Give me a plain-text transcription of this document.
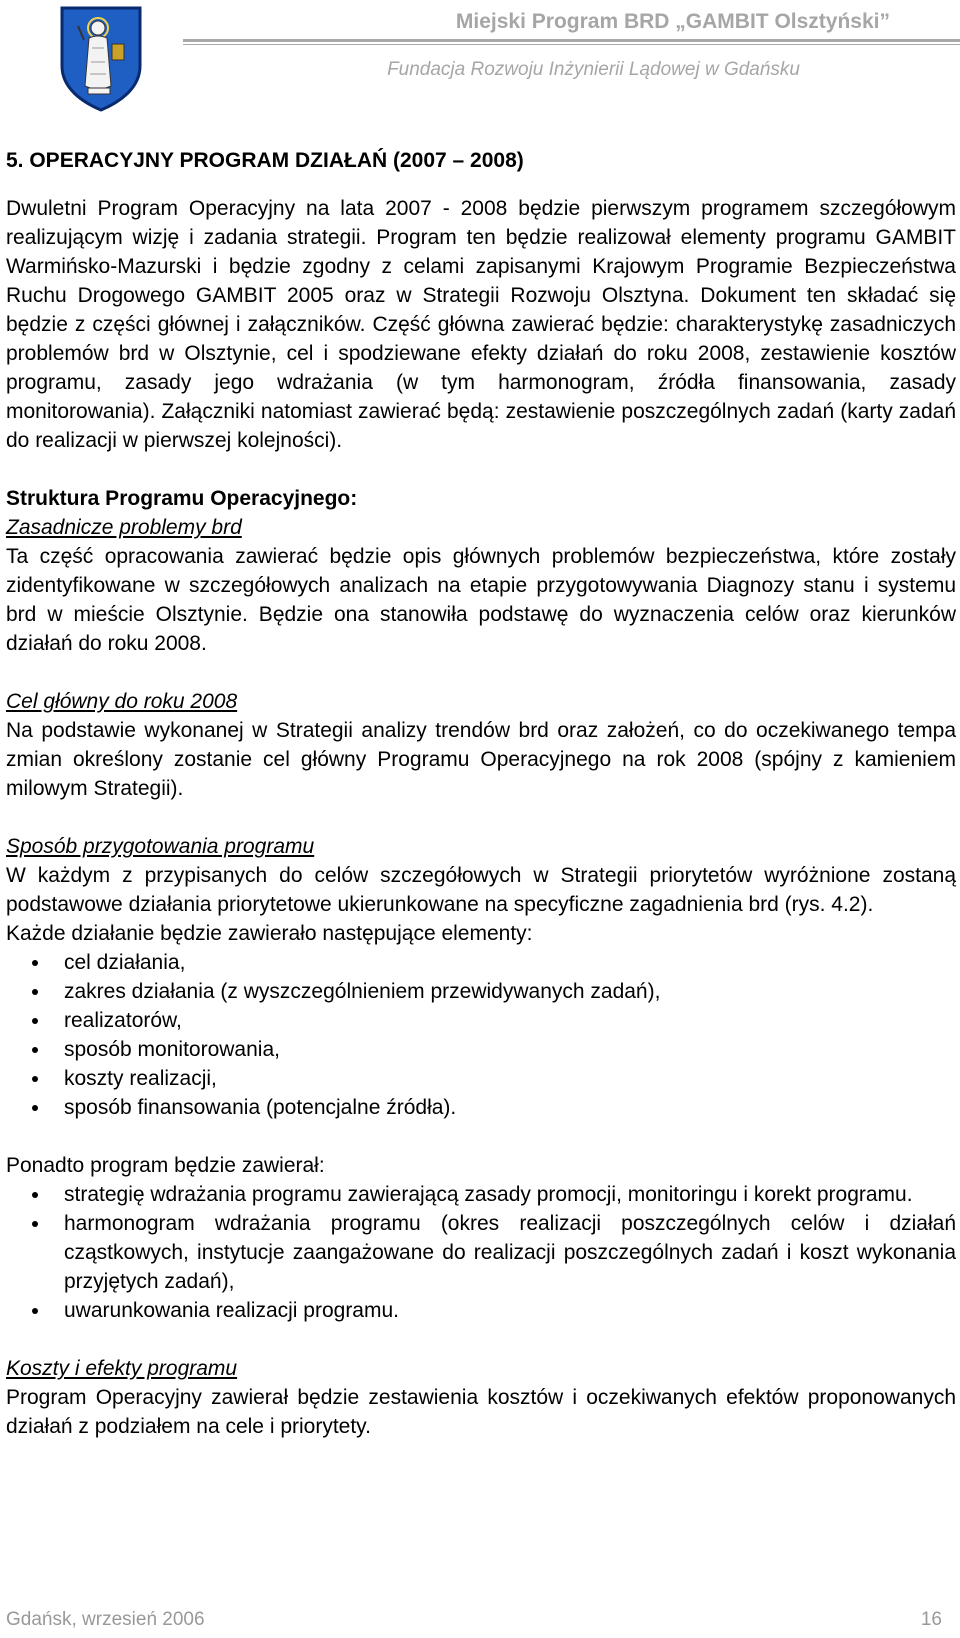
Miejski Program BRD „GAMBIT Olsztyński”
Fundacja Rozwoju Inżynierii Lądowej w Gdańsku
5. OPERACYJNY PROGRAM DZIAŁAŃ (2007 – 2008)

Dwuletni Program Operacyjny na lata 2007 - 2008 będzie pierwszym programem szczegółowym realizującym wizję i zadania strategii. Program ten będzie realizował elementy programu GAMBIT Warmińsko-Mazurski i będzie zgodny z celami zapisanymi Krajowym Programie Bezpieczeństwa Ruchu Drogowego GAMBIT 2005 oraz w Strategii Rozwoju Olsztyna. Dokument ten składać się będzie z części głównej i załączników. Część główna zawierać będzie: charakterystykę zasadniczych problemów brd w Olsztynie, cel i spodziewane efekty działań do roku 2008, zestawienie kosztów programu, zasady jego wdrażania (w tym harmonogram, źródła finansowania, zasady monitorowania). Załączniki natomiast zawierać będą: zestawienie poszczególnych zadań (karty zadań do realizacji w pierwszej kolejności).

Struktura Programu Operacyjnego:

Zasadnicze problemy brd

Ta część opracowania zawierać będzie opis głównych problemów bezpieczeństwa, które zostały zidentyfikowane w szczegółowych analizach na etapie przygotowywania Diagnozy stanu i systemu brd w mieście Olsztynie. Będzie ona stanowiła podstawę do wyznaczenia celów oraz kierunków działań do roku 2008.

Cel główny do roku 2008

Na podstawie wykonanej w Strategii analizy trendów brd oraz założeń, co do oczekiwanego tempa zmian określony zostanie cel główny Programu Operacyjnego na rok 2008 (spójny z kamieniem milowym Strategii).

Sposób przygotowania programu

W każdym z przypisanych do celów szczegółowych w Strategii priorytetów wyróżnione zostaną podstawowe działania priorytetowe ukierunkowane na specyficzne zagadnienia brd (rys. 4.2).

Każde działanie będzie zawierało następujące elementy:

cel działania,
zakres działania (z wyszczególnieniem przewidywanych zadań),
realizatorów,
sposób monitorowania,
koszty realizacji,
sposób finansowania (potencjalne źródła).

Ponadto program będzie zawierał:

strategię wdrażania programu zawierającą zasady promocji, monitoringu i korekt programu.
harmonogram wdrażania programu (okres realizacji poszczególnych celów i działań cząstkowych, instytucje zaangażowane do realizacji poszczególnych zadań i koszt wykonania przyjętych zadań),
uwarunkowania realizacji programu.

Koszty i efekty programu

Program Operacyjny zawierał będzie zestawienia kosztów i oczekiwanych efektów proponowanych działań z podziałem na cele i priorytety.

Gdańsk, wrzesień 2006	16
